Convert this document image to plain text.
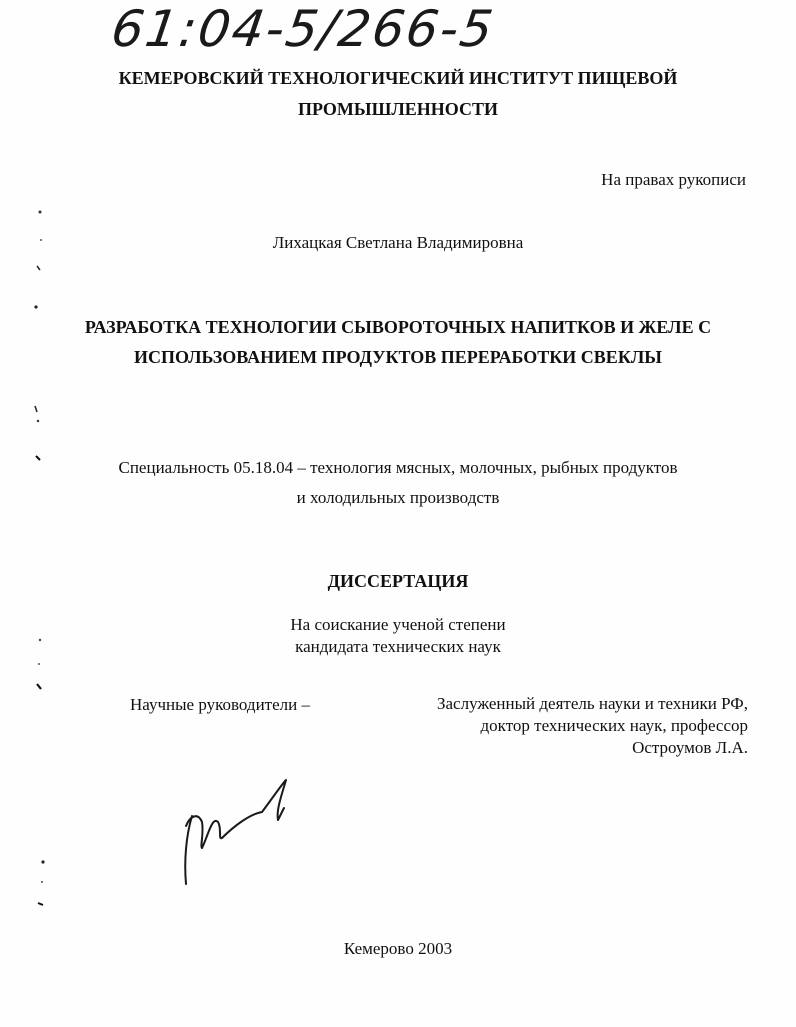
61:04-5/266-5
КЕМЕРОВСКИЙ ТЕХНОЛОГИЧЕСКИЙ ИНСТИТУТ ПИЩЕВОЙ
ПРОМЫШЛЕННОСТИ
На правах рукописи
Лихацкая Светлана Владимировна
РАЗРАБОТКА ТЕХНОЛОГИИ СЫВОРОТОЧНЫХ НАПИТКОВ И ЖЕЛЕ С
ИСПОЛЬЗОВАНИЕМ ПРОДУКТОВ ПЕРЕРАБОТКИ СВЕКЛЫ
Специальность 05.18.04 – технология мясных, молочных, рыбных продуктов
и холодильных производств
ДИССЕРТАЦИЯ
На соискание ученой степени
кандидата технических наук
Научные руководители –	Заслуженный деятель науки и техники РФ,
доктор технических наук, профессор
Остроумов Л.А.
Кемерово 2003
